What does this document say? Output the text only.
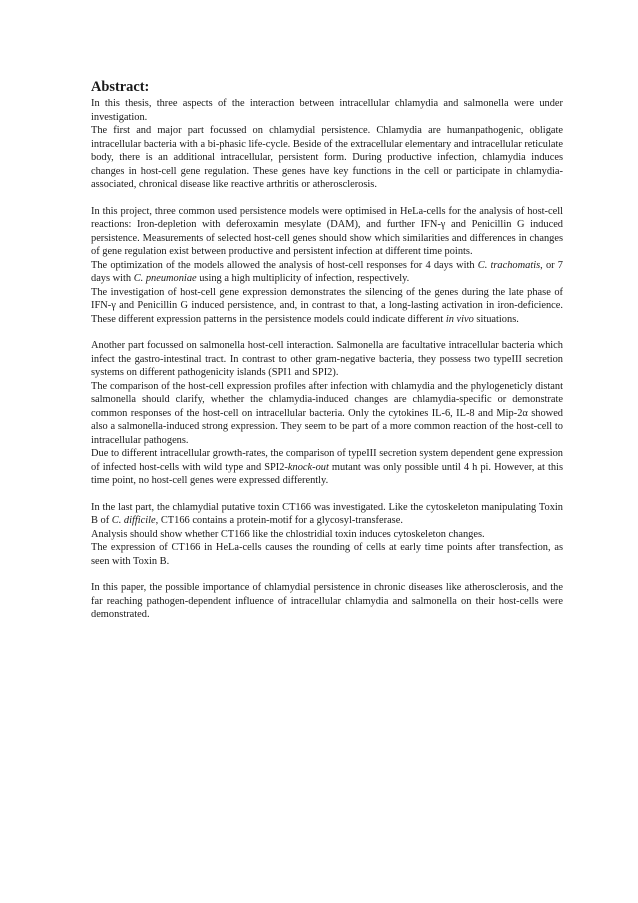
Abstract:

In this thesis, three aspects of the interaction between intracellular chlamydia and salmonella were under investigation.

The first and major part focussed on chlamydial persistence. Chlamydia are humanpathogenic, obligate intracellular bacteria with a bi-phasic life-cycle. Beside of the extracellular elementary and intracellular reticulate body, there is an additional intracellular, persistent form. During productive infection, chlamydia induces changes in host-cell gene regulation. These genes have key functions in the cell or participate in chlamydia-associated, chronical disease like reactive arthritis or atherosclerosis.

In this project, three common used persistence models were optimised in HeLa-cells for the analysis of host-cell reactions: Iron-depletion with deferoxamin mesylate (DAM), and further IFN-γ and Penicillin G induced persistence. Measurements of selected host-cell genes should show which similarities and differences in changes of gene regulation exist between productive and persistent infection at different time points.

The optimization of the models allowed the analysis of host-cell responses for 4 days with C. trachomatis, or 7 days with C. pneumoniae using a high multiplicity of infection, respectively.

The investigation of host-cell gene expression demonstrates the silencing of the genes during the late phase of IFN-γ and Penicillin G induced persistence, and, in contrast to that, a long-lasting activation in iron-deficience. These different expression patterns in the persistence models could indicate different in vivo situations.

Another part focussed on salmonella host-cell interaction. Salmonella are facultative intracellular bacteria which infect the gastro-intestinal tract. In contrast to other gram-negative bacteria, they possess two typeIII secretion systems on different pathogenicity islands (SPI1 and SPI2).

The comparison of the host-cell expression profiles after infection with chlamydia and the phylogeneticly distant salmonella should clarify, whether the chlamydia-induced changes are chlamydia-specific or demonstrate common responses of the host-cell on intracellular bacteria. Only the cytokines IL-6, IL-8 and Mip-2α showed also a salmonella-induced strong expression. They seem to be part of a more common reaction of the host-cell to intracellular pathogens.

Due to different intracellular growth-rates, the comparison of typeIII secretion system dependent gene expression of infected host-cells with wild type and SPI2-knock-out mutant was only possible until 4 h pi. However, at this time point, no host-cell genes were expressed differently.

In the last part, the chlamydial putative toxin CT166 was investigated. Like the cytoskeleton manipulating Toxin B of C. difficile, CT166 contains a protein-motif for a glycosyl-transferase.

Analysis should show whether CT166 like the chlostridial toxin induces cytoskeleton changes.

The expression of CT166 in HeLa-cells causes the rounding of cells at early time points after transfection, as seen with Toxin B.

In this paper, the possible importance of chlamydial persistence in chronic diseases like atherosclerosis, and the far reaching pathogen-dependent influence of intracellular chlamydia and salmonella on their host-cells were demonstrated.
